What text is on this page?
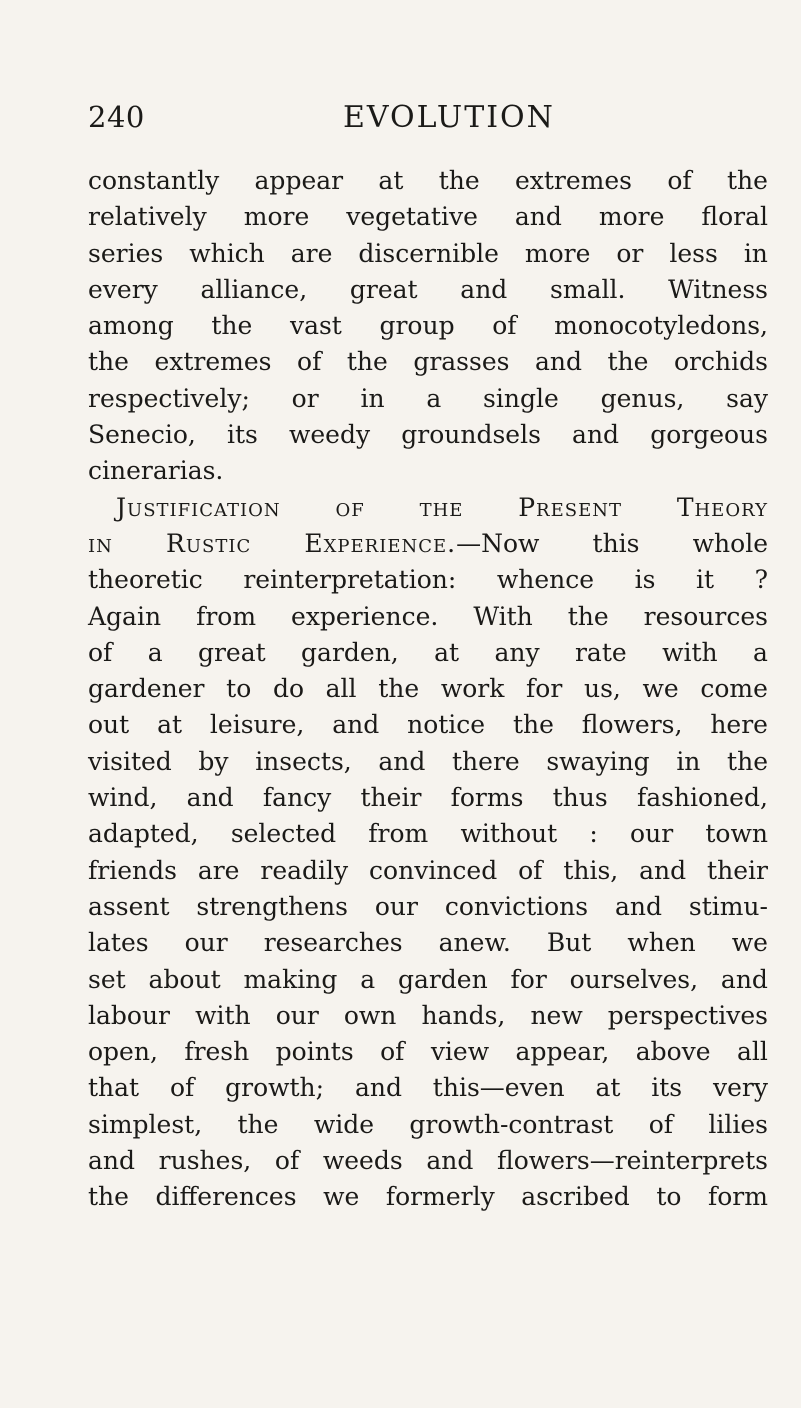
240	EVOLUTION
constantly appear at the extremes of the
relatively more vegetative and more floral
series which are discernible more or less in
every alliance, great and small. Witness
among the vast group of monocotyledons,
the extremes of the grasses and the orchids
respectively; or in a single genus, say
Senecio, its weedy groundsels and gorgeous
cinerarias.
Justification of the Present Theory
in Rustic Experience.—Now this whole
theoretic reinterpretation: whence is it ?
Again from experience. With the resources
of a great garden, at any rate with a
gardener to do all the work for us, we come
out at leisure, and notice the flowers, here
visited by insects, and there swaying in the
wind, and fancy their forms thus fashioned,
adapted, selected from without : our town
friends are readily convinced of this, and their
assent strengthens our convictions and stimu-
lates our researches anew. But when we
set about making a garden for ourselves, and
labour with our own hands, new perspectives
open, fresh points of view appear, above all
that of growth; and this—even at its very
simplest, the wide growth-contrast of lilies
and rushes, of weeds and flowers—reinterprets
the differences we formerly ascribed to form
